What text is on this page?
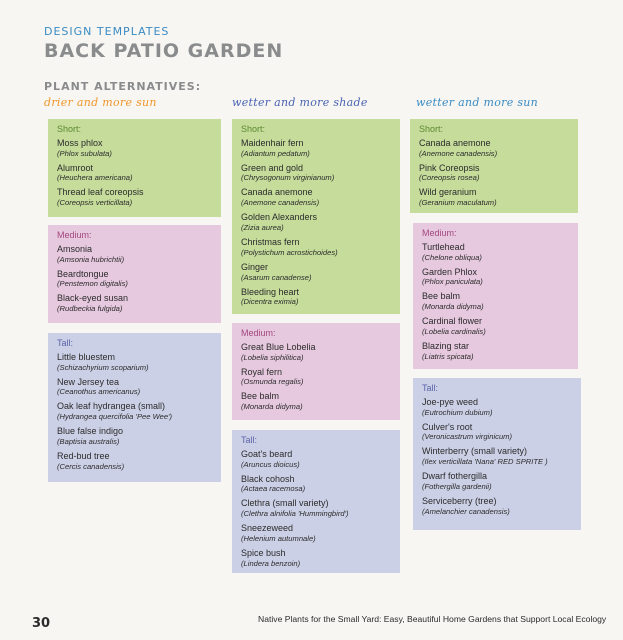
DESIGN TEMPLATES
BACK PATIO GARDEN
PLANT ALTERNATIVES:
drier and more sun	wetter and more shade	wetter and more sun
Short:
Moss phlox
(Phlox subulata)
Alumroot
(Heuchera americana)
Thread leaf coreopsis
(Coreopsis verticillata)
Medium:
Amsonia
(Amsonia hubrichtii)
Beardtongue
(Penstemon digitalis)
Black-eyed susan
(Rudbeckia fulgida)
Tall:
Little bluestem
(Schizachyrium scoparium)
New Jersey tea
(Ceanothus americanus)
Oak leaf hydrangea (small)
(Hydrangea quercifolia 'Pee Wee')
Blue false indigo
(Baptisia australis)
Red-bud tree
(Cercis canadensis)
Short:
Maidenhair fern
(Adiantum pedatum)
Green and gold
(Chrysogonum virginianum)
Canada anemone
(Anemone canadensis)
Golden Alexanders
(Zizia aurea)
Christmas fern
(Polystichum acrostichoides)
Ginger
(Asarum canadense)
Bleeding heart
(Dicentra eximia)
Medium:
Great Blue Lobelia
(Lobelia siphilitica)
Royal fern
(Osmunda regalis)
Bee balm
(Monarda didyma)
Tall:
Goat's beard
(Aruncus dioicus)
Black cohosh
(Actaea racemosa)
Clethra (small variety)
(Clethra alnifolia 'Hummingbird')
Sneezeweed
(Helenium autumnale)
Spice bush
(Lindera benzoin)
Short:
Canada anemone
(Anemone canadensis)
Pink Coreopsis
(Coreopsis rosea)
Wild geranium
(Geranium maculatum)
Medium:
Turtlehead
(Chelone obliqua)
Garden Phlox
(Phlox paniculata)
Bee balm
(Monarda didyma)
Cardinal flower
(Lobelia cardinalis)
Blazing star
(Liatris spicata)
Tall:
Joe-pye weed
(Eutrochium dubium)
Culver's root
(Veronicastrum virginicum)
Winterberry (small variety)
(Ilex verticillata 'Nana' RED SPRITE )
Dwarf fothergilla
(Fothergilla gardenii)
Serviceberry (tree)
(Amelanchier canadensis)
30	Native Plants for the Small Yard: Easy, Beautiful Home Gardens that Support Local Ecology
